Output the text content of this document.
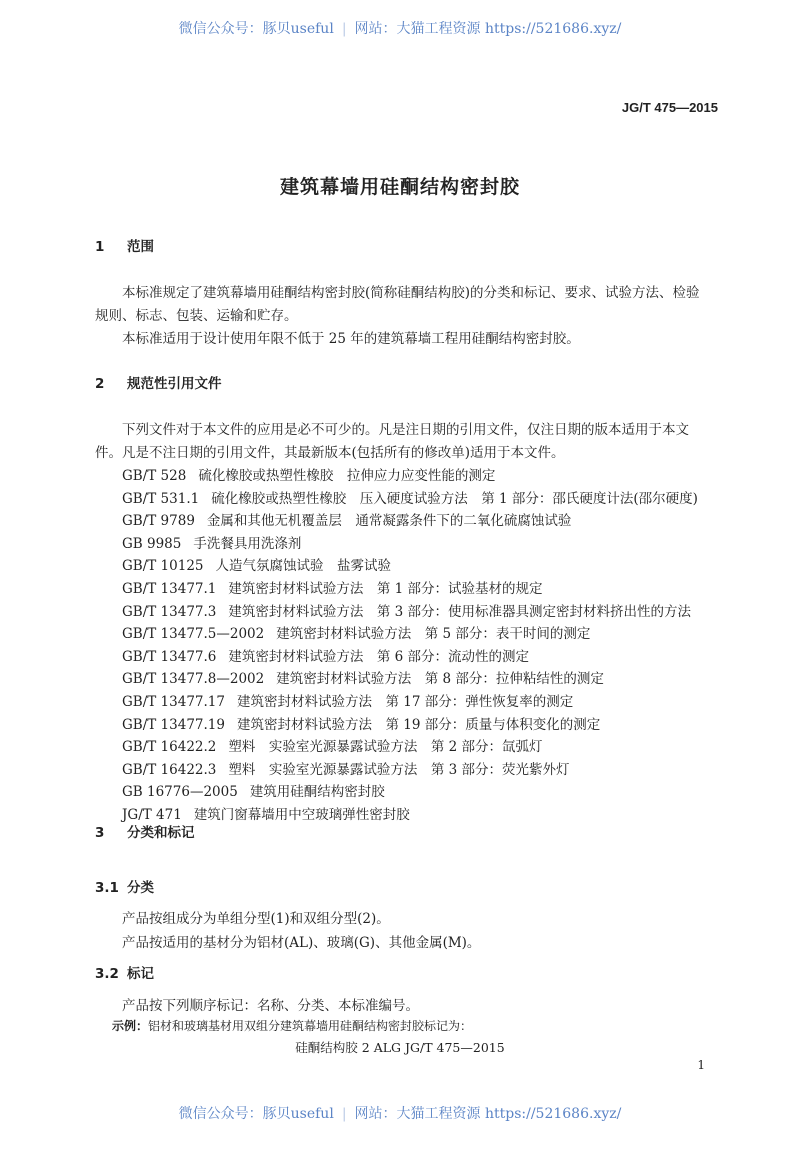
微信公众号：豚贝useful | 网站：大猫工程资源 https://521686.xyz/
JG/T 475—2015
建筑幕墙用硅酮结构密封胶
1 范围
本标准规定了建筑幕墙用硅酮结构密封胶(简称硅酮结构胶)的分类和标记、要求、试验方法、检验
规则、标志、包装、运输和贮存。
本标准适用于设计使用年限不低于 25 年的建筑幕墙工程用硅酮结构密封胶。
2 规范性引用文件
下列文件对于本文件的应用是必不可少的。凡是注日期的引用文件，仅注日期的版本适用于本文
件。凡是不注日期的引用文件，其最新版本(包括所有的修改单)适用于本文件。
GB/T 528 硫化橡胶或热塑性橡胶　拉伸应力应变性能的测定
GB/T 531.1 硫化橡胶或热塑性橡胶　压入硬度试验方法　第 1 部分：邵氏硬度计法(邵尔硬度)
GB/T 9789 金属和其他无机覆盖层　通常凝露条件下的二氧化硫腐蚀试验
GB 9985 手洗餐具用洗涤剂
GB/T 10125 人造气氛腐蚀试验　盐雾试验
GB/T 13477.1 建筑密封材料试验方法　第 1 部分：试验基材的规定
GB/T 13477.3 建筑密封材料试验方法　第 3 部分：使用标准器具测定密封材料挤出性的方法
GB/T 13477.5—2002 建筑密封材料试验方法　第 5 部分：表干时间的测定
GB/T 13477.6 建筑密封材料试验方法　第 6 部分：流动性的测定
GB/T 13477.8—2002 建筑密封材料试验方法　第 8 部分：拉伸粘结性的测定
GB/T 13477.17 建筑密封材料试验方法　第 17 部分：弹性恢复率的测定
GB/T 13477.19 建筑密封材料试验方法　第 19 部分：质量与体积变化的测定
GB/T 16422.2 塑料　实验室光源暴露试验方法　第 2 部分：氙弧灯
GB/T 16422.3 塑料　实验室光源暴露试验方法　第 3 部分：荧光紫外灯
GB 16776—2005 建筑用硅酮结构密封胶
JG/T 471 建筑门窗幕墙用中空玻璃弹性密封胶
3 分类和标记
3.1 分类
产品按组成分为单组分型(1)和双组分型(2)。
产品按适用的基材分为铝材(AL)、玻璃(G)、其他金属(M)。
3.2 标记
产品按下列顺序标记：名称、分类、本标准编号。
示例：铝材和玻璃基材用双组分建筑幕墙用硅酮结构密封胶标记为：
硅酮结构胶 2 ALG JG/T 475—2015
1
微信公众号：豚贝useful | 网站：大猫工程资源 https://521686.xyz/
